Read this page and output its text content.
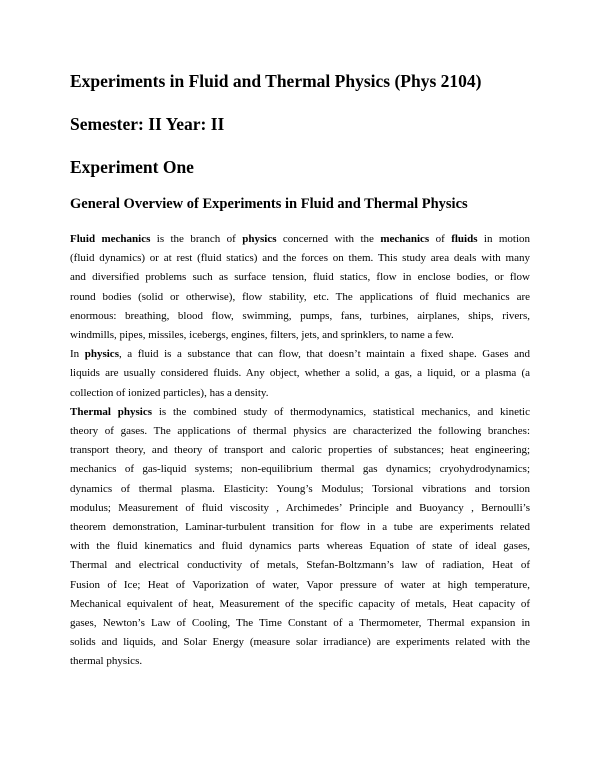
Experiments in Fluid and Thermal Physics (Phys 2104)
Semester: II Year: II
Experiment One
General Overview of Experiments in Fluid and Thermal Physics

Fluid mechanics is the branch of physics concerned with the mechanics of fluids in motion
(fluid dynamics) or at rest (fluid statics) and the forces on them. This study area deals with many
and diversified problems such as surface tension, fluid statics, flow in enclose bodies, or flow
round bodies (solid or otherwise), flow stability, etc. The applications of fluid mechanics are
enormous: breathing, blood flow, swimming, pumps, fans, turbines, airplanes, ships, rivers,
windmills, pipes, missiles, icebergs, engines, filters, jets, and sprinklers, to name a few.

In physics, a fluid is a substance that can flow, that doesn’t maintain a fixed shape. Gases and
liquids are usually considered fluids. Any object, whether a solid, a gas, a liquid, or a plasma (a
collection of ionized particles), has a density.

Thermal physics is the combined study of thermodynamics, statistical mechanics, and kinetic
theory of gases. The applications of thermal physics are characterized the following branches:
transport theory, and theory of transport and caloric properties of substances; heat engineering;
mechanics of gas-liquid systems; non-equilibrium thermal gas dynamics; cryohydrodynamics;
dynamics of thermal plasma. Elasticity: Young’s Modulus; Torsional vibrations and torsion
modulus; Measurement of fluid viscosity , Archimedes’ Principle and Buoyancy , Bernoulli’s
theorem demonstration, Laminar-turbulent transition for flow in a tube are experiments related
with the fluid kinematics and fluid dynamics parts whereas Equation of state of ideal gases,
Thermal and electrical conductivity of metals, Stefan-Boltzmann’s law of radiation, Heat of
Fusion of Ice; Heat of Vaporization of water, Vapor pressure of water at high temperature,
Mechanical equivalent of heat, Measurement of the specific capacity of metals, Heat capacity of
gases, Newton’s Law of Cooling, The Time Constant of a Thermometer, Thermal expansion in
solids and liquids, and Solar Energy (measure solar irradiance) are experiments related with the
thermal physics.
